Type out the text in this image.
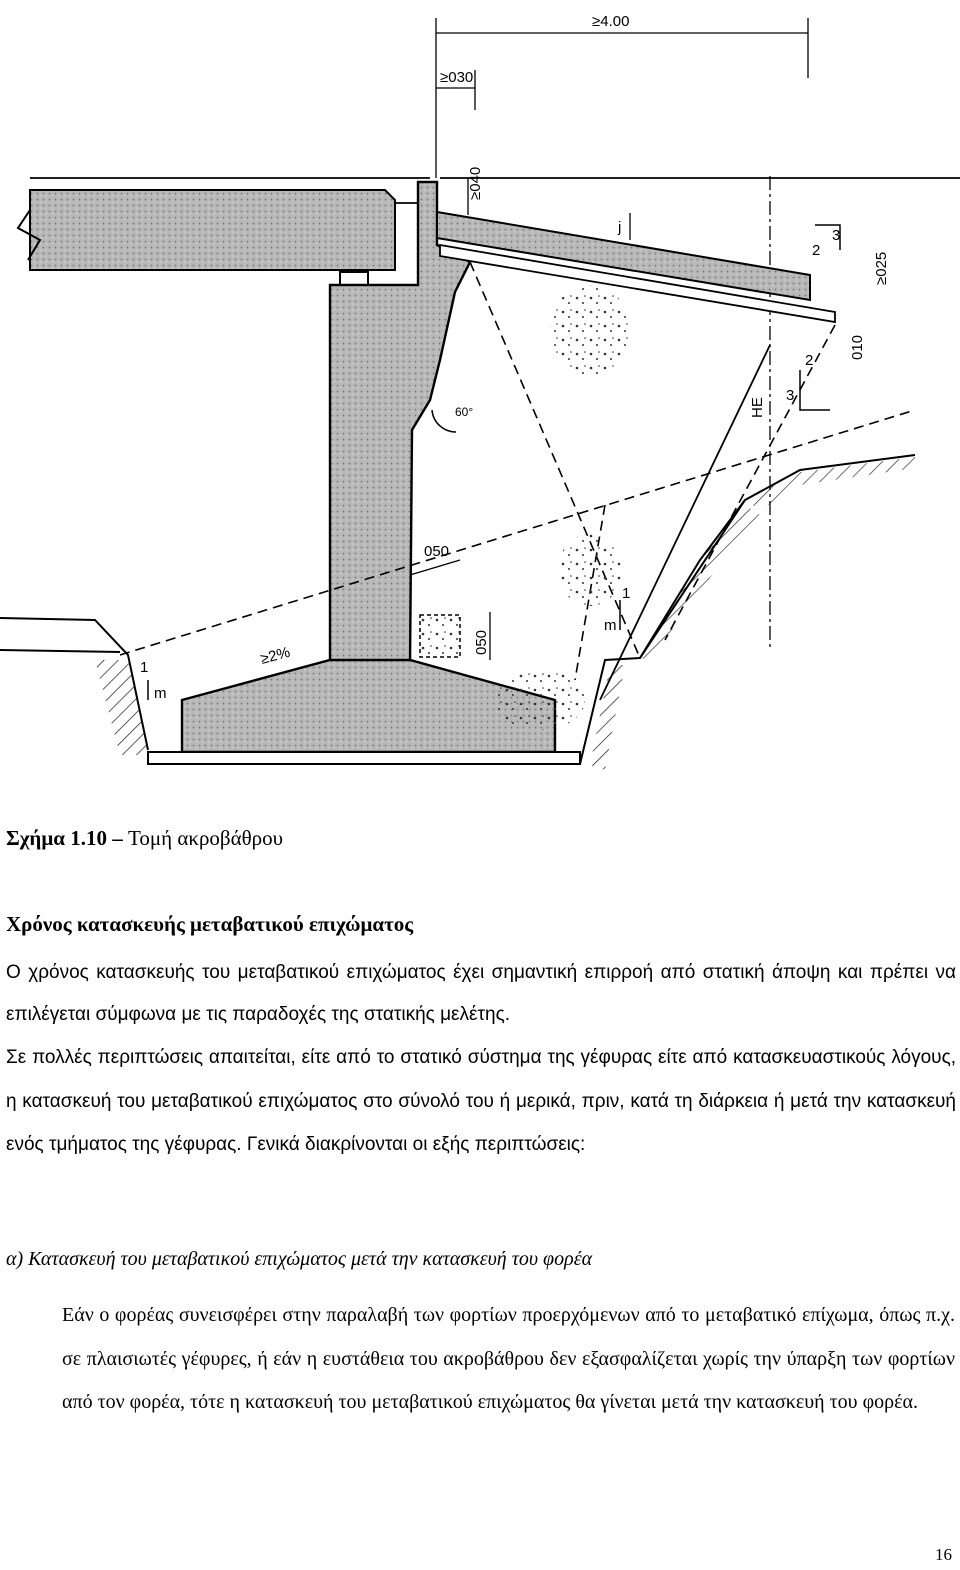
≥4.00
≥030
≥040
j	3
2
≥025
010
2
3
HE
60°
050
050
1
m
1
m
≥2%
Σχήμα 1.10 – Τομή ακροβάθρου
Χρόνος κατασκευής μεταβατικού επιχώματος
Ο χρόνος κατασκευής του μεταβατικού επιχώματος έχει σημαντική επιρροή από στατική άποψη και πρέπει να επιλέγεται σύμφωνα με τις παραδοχές της στατικής μελέτης.
Σε πολλές περιπτώσεις απαιτείται, είτε από το στατικό σύστημα της γέφυρας είτε από κατασκευαστικούς λόγους, η κατασκευή του μεταβατικού επιχώματος στο σύνολό του ή μερικά, πριν, κατά τη διάρκεια ή μετά την κατασκευή ενός τμήματος της γέφυρας. Γενικά διακρίνονται οι εξής περιπτώσεις:
α) Κατασκευή του μεταβατικού επιχώματος μετά την κατασκευή του φορέα
Εάν ο φορέας συνεισφέρει στην παραλαβή των φορτίων προερχόμενων από το μεταβατικό επίχωμα, όπως π.χ. σε πλαισιωτές γέφυρες, ή εάν η ευστάθεια του ακροβάθρου δεν εξασφαλίζεται χωρίς την ύπαρξη των φορτίων από τον φορέα, τότε η κατασκευή του μεταβατικού επιχώματος θα γίνεται μετά την κατασκευή του φορέα.
16
